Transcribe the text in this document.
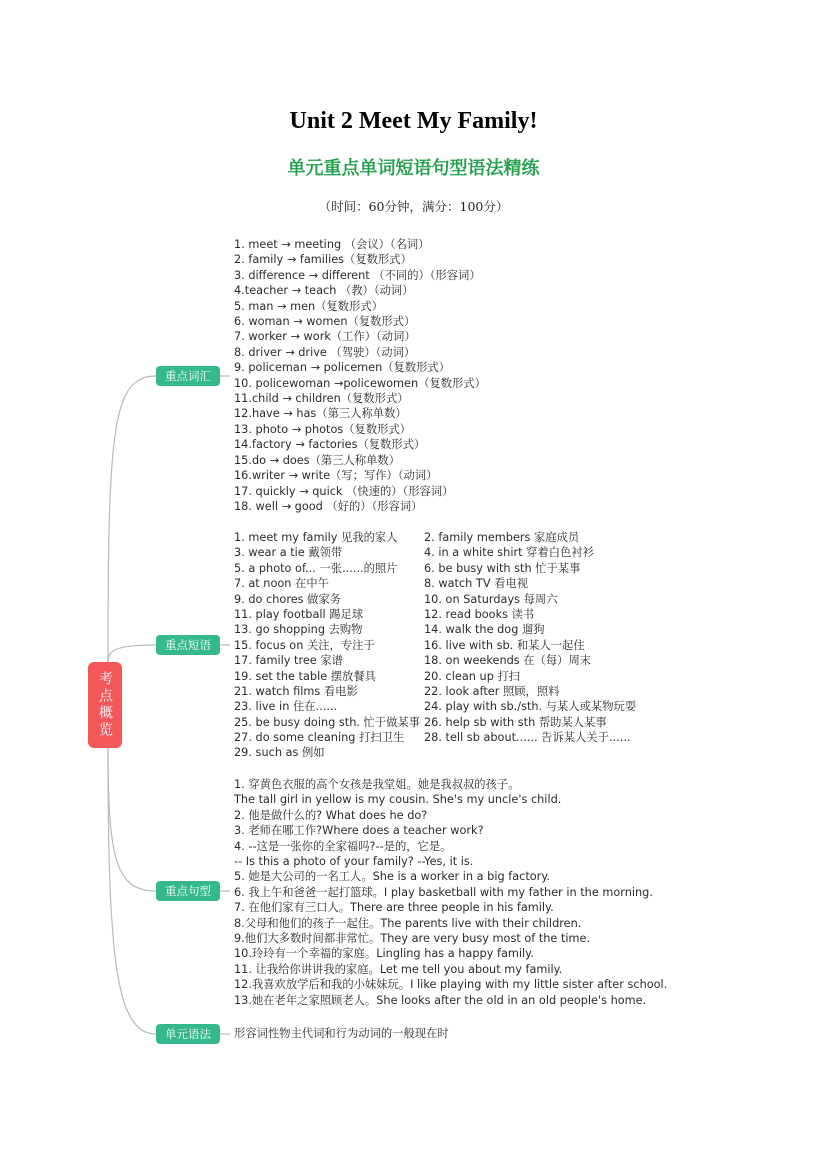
Unit 2 Meet My Family!
单元重点单词短语句型语法精练
（时间：60分钟，满分：100分）
考点概览
重点词汇
重点短语
重点句型
单元语法
1. meet → meeting （会议）（名词）
2. family → families（复数形式）
3. difference → different （不同的）（形容词）
4.teacher → teach （教）（动词）
5. man → men（复数形式）
6. woman → women（复数形式）
7. worker → work（工作）（动词）
8. driver → drive （驾驶）（动词）
9. policeman → policemen（复数形式）
10. policewoman →policewomen（复数形式）
11.child → children（复数形式）
12.have → has（第三人称单数）
13. photo → photos（复数形式）
14.factory → factories（复数形式）
15.do → does（第三人称单数）
16.writer → write（写；写作）（动词）
17. quickly → quick （快速的）（形容词）
18. well → good （好的）（形容词）
1. meet my family 见我的家人 2. family members 家庭成员
3. wear a tie 戴领带	4. in a white shirt 穿着白色衬衫
5. a photo of... 一张......的照片 6. be busy with sth 忙于某事
7. at noon 在中午	8. watch TV 看电视
9. do chores 做家务	10. on Saturdays 每周六
11. play football 踢足球	12. read books 读书
13. go shopping 去购物	14. walk the dog 遛狗
15. focus on 关注，专注于	16. live with sb. 和某人一起住
17. family tree 家谱	18. on weekends 在（每）周末
19. set the table 摆放餐具	20. clean up 打扫
21. watch films 看电影	22. look after 照顾，照料
23. live in 住在......	24. play with sb./sth. 与某人或某物玩耍
25. be busy doing sth. 忙于做某事 26. help sb with sth 帮助某人某事
27. do some cleaning 打扫卫生 28. tell sb about...... 告诉某人关于......
29. such as 例如
1. 穿黄色衣服的高个女孩是我堂姐。她是我叔叔的孩子。
The tall girl in yellow is my cousin. She's my uncle's child.
2. 他是做什么的? What does he do?
3. 老师在哪工作?Where does a teacher work?
4. --这是一张你的全家福吗?--是的，它是。
-- Is this a photo of your family? --Yes, it is.
5. 她是大公司的一名工人。She is a worker in a big factory.
6. 我上午和爸爸一起打篮球。I play basketball with my father in the morning.
7. 在他们家有三口人。There are three people in his family.
8.父母和他们的孩子一起住。The parents live with their children.
9.他们大多数时间都非常忙。They are very busy most of the time.
10.玲玲有一个幸福的家庭。Lingling has a happy family.
11. 让我给你讲讲我的家庭。Let me tell you about my family.
12.我喜欢放学后和我的小妹妹玩。I like playing with my little sister after school.
13.她在老年之家照顾老人。She looks after the old in an old people's home.
形容词性物主代词和行为动词的一般现在时
